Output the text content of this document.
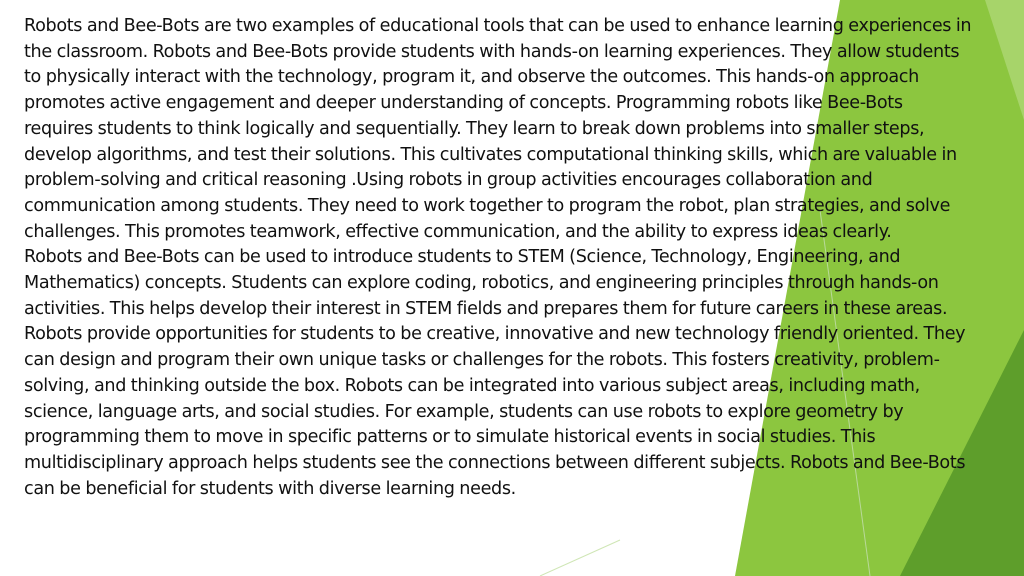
Robots and Bee-Bots are two examples of educational tools that can be used to enhance learning experiences in the classroom. Robots and Bee-Bots provide students with hands-on learning experiences. They allow students to physically interact with the technology, program it, and observe the outcomes. This hands-on approach promotes active engagement and deeper understanding of concepts. Programming robots like Bee-Bots requires students to think logically and sequentially. They learn to break down problems into smaller steps, develop algorithms, and test their solutions. This cultivates computational thinking skills, which are valuable in problem-solving and critical reasoning .Using robots in group activities encourages collaboration and communication among students. They need to work together to program the robot, plan strategies, and solve challenges. This promotes teamwork, effective communication, and the ability to express ideas clearly.

Robots and Bee-Bots can be used to introduce students to STEM (Science, Technology, Engineering, and Mathematics) concepts. Students can explore coding, robotics, and engineering principles through hands-on activities. This helps develop their interest in STEM fields and prepares them for future careers in these areas. Robots provide opportunities for students to be creative, innovative and new technology friendly oriented. They can design and program their own unique tasks or challenges for the robots. This fosters creativity, problem-solving, and thinking outside the box. Robots can be integrated into various subject areas, including math, science, language arts, and social studies. For example, students can use robots to explore geometry by programming them to move in specific patterns or to simulate historical events in social studies. This multidisciplinary approach helps students see the connections between different subjects. Robots and Bee-Bots can be beneficial for students with diverse learning needs.
